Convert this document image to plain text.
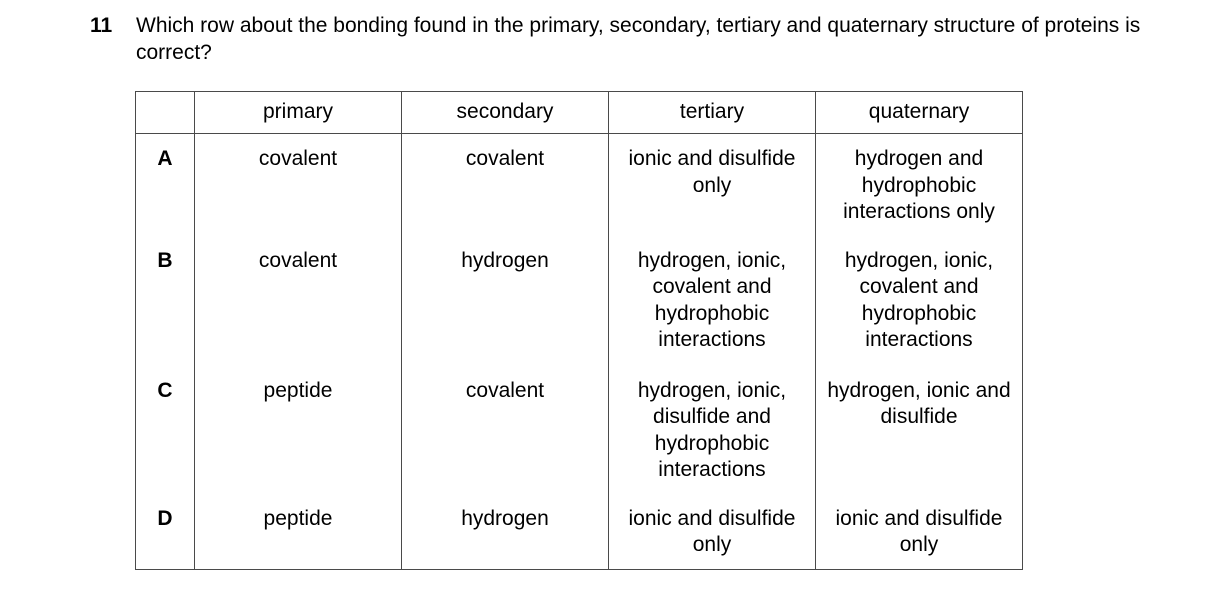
11 Which row about the bonding found in the primary, secondary, tertiary and quaternary structure of proteins is correct?
	primary	secondary	tertiary	quaternary

A	covalent	covalent	ionic and disulfide only	hydrogen and hydrophobic interactions only

B	covalent	hydrogen	hydrogen, ionic, covalent and hydrophobic interactions	hydrogen, ionic, covalent and hydrophobic interactions

C	peptide	covalent	hydrogen, ionic, disulfide and hydrophobic interactions	hydrogen, ionic and disulfide

D	peptide	hydrogen	ionic and disulfide only	ionic and disulfide only
